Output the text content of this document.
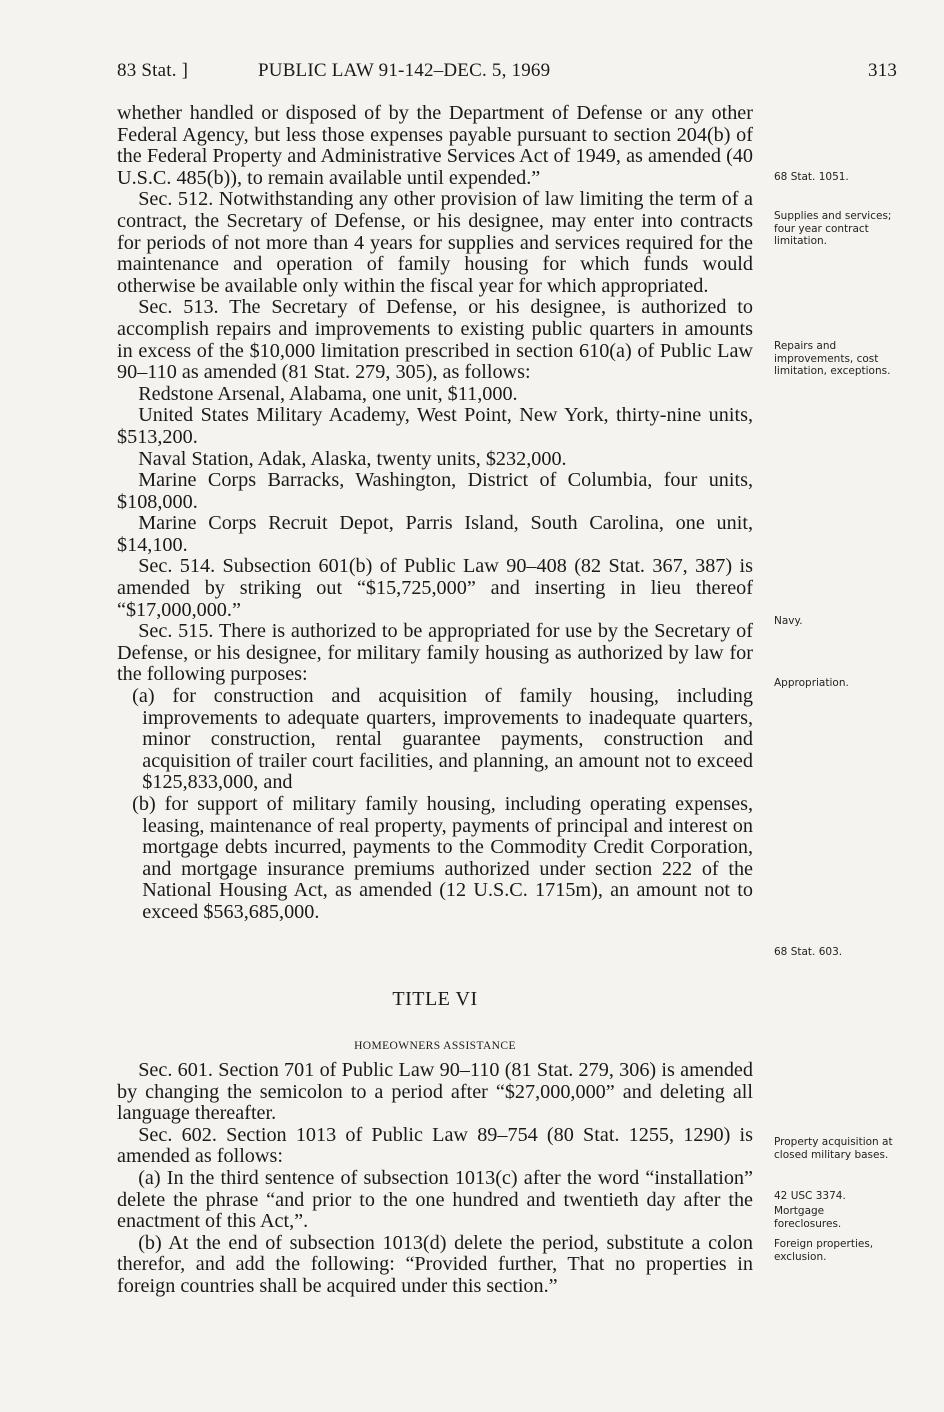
83 Stat. ]	PUBLIC LAW 91-142–DEC. 5, 1969	313

whether handled or disposed of by the Department of Defense or any other Federal Agency, but less those expenses payable pursuant to section 204(b) of the Federal Property and Administrative Services Act of 1949, as amended (40 U.S.C. 485(b)), to remain available until expended.”

Sec. 512. Notwithstanding any other provision of law limiting the term of a contract, the Secretary of Defense, or his designee, may enter into contracts for periods of not more than 4 years for supplies and services required for the maintenance and operation of family housing for which funds would otherwise be available only within the fiscal year for which appropriated.

Sec. 513. The Secretary of Defense, or his designee, is authorized to accomplish repairs and improvements to existing public quarters in amounts in excess of the $10,000 limitation prescribed in section 610(a) of Public Law 90–110 as amended (81 Stat. 279, 305), as follows:

Redstone Arsenal, Alabama, one unit, $11,000.

United States Military Academy, West Point, New York, thirty-nine units, $513,200.

Naval Station, Adak, Alaska, twenty units, $232,000.

Marine Corps Barracks, Washington, District of Columbia, four units, $108,000.

Marine Corps Recruit Depot, Parris Island, South Carolina, one unit, $14,100.

Sec. 514. Subsection 601(b) of Public Law 90–408 (82 Stat. 367, 387) is amended by striking out “$15,725,000” and inserting in lieu thereof “$17,000,000.”

Sec. 515. There is authorized to be appropriated for use by the Secretary of Defense, or his designee, for military family housing as authorized by law for the following purposes:

(a) for construction and acquisition of family housing, including improvements to adequate quarters, improvements to inadequate quarters, minor construction, rental guarantee payments, construction and acquisition of trailer court facilities, and planning, an amount not to exceed $125,833,000, and

(b) for support of military family housing, including operating expenses, leasing, maintenance of real property, payments of principal and interest on mortgage debts incurred, payments to the Commodity Credit Corporation, and mortgage insurance premiums authorized under section 222 of the National Housing Act, as amended (12 U.S.C. 1715m), an amount not to exceed $563,685,000.

TITLE VI
HOMEOWNERS ASSISTANCE

Sec. 601. Section 701 of Public Law 90–110 (81 Stat. 279, 306) is amended by changing the semicolon to a period after “$27,000,000” and deleting all language thereafter.

Sec. 602. Section 1013 of Public Law 89–754 (80 Stat. 1255, 1290) is amended as follows:

(a) In the third sentence of subsection 1013(c) after the word “installation” delete the phrase “and prior to the one hundred and twentieth day after the enactment of this Act,”.

(b) At the end of subsection 1013(d) delete the period, substitute a colon therefor, and add the following: “Provided further, That no properties in foreign countries shall be acquired under this section.”

68 Stat. 1051.
Supplies and services; four year contract limitation.
Repairs and improvements, cost limitation, exceptions.
Navy.
Appropriation.
68 Stat. 603.
Property acquisition at closed military bases.
42 USC 3374.
Mortgage foreclosures.
Foreign properties, exclusion.
